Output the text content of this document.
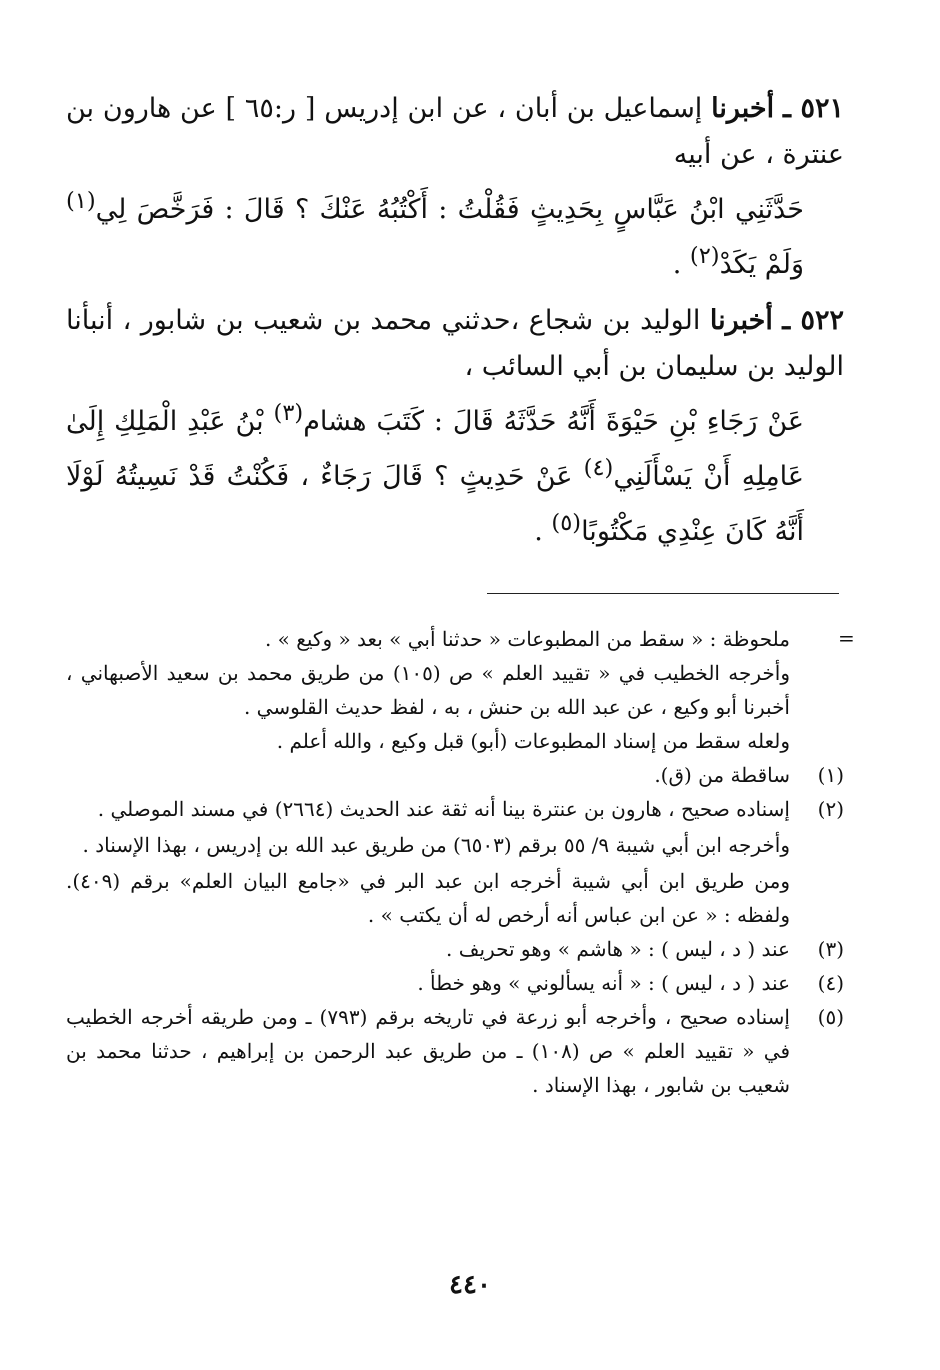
٥٢١ ـ أخبرنا إسماعيل بن أبان ، عن ابن إدريس [ ر:٦٥ ] عن هارون بن عنترة ، عن أبيه

حَدَّثَنِي ابْنُ عَبَّاسٍ بِحَدِيثٍ فَقُلْتُ : أَكْتُبُهُ عَنْكَ ؟ قَالَ : فَرَخَّصَ لِي$^{(١)}$ وَلَمْ يَكَدْ$^{(٢)}$ .

٥٢٢ ـ أخبرنا الوليد بن شجاع ،حدثني محمد بن شعيب بن شابور ، أنبأنا الوليد بن سليمان بن أبي السائب ،

عَنْ رَجَاءِ بْنِ حَيْوَةَ أَنَّهُ حَدَّثَهُ قَالَ : كَتَبَ هشام$^{(٣)}$ بْنُ عَبْدِ الْمَلِكِ إِلَىٰ عَامِلِهِ أَنْ يَسْأَلَنِي$^{(٤)}$ عَنْ حَدِيثٍ ؟ قَالَ رَجَاءٌ ، فَكُنْتُ قَدْ نَسِيتُهُ لَوْلَا أَنَّهُ كَانَ عِنْدِي مَكْتُوبًا$^{(٥)}$ .

=
ملحوظة : « سقط من المطبوعات « حدثنا أبي » بعد « وكيع » .
وأخرجه الخطيب في « تقييد العلم » ص (١٠٥) من طريق محمد بن سعيد الأصبهاني ، أخبرنا أبو وكيع ، عن عبد الله بن حنش ، به ، لفظ حديث القلوسي .
ولعله سقط من إسناد المطبوعات (أبو) قبل وكيع ، والله أعلم .
(١)
ساقطة من (ق).
(٢)
إسناده صحيح ، هارون بن عنترة بينا أنه ثقة عند الحديث (٢٦٦٤) في مسند الموصلي .
وأخرجه ابن أبي شيبة ٩/ ٥٥ برقم (٦٥٠٣) من طريق عبد الله بن إدريس ، بهذا الإسناد .
ومن طريق ابن أبي شيبة أخرجه ابن عبد البر في «جامع البيان العلم» برقم (٤٠٩). ولفظه : « عن ابن عباس أنه أرخص له أن يكتب » .
(٣)
عند ( د ، ليس ) : « هاشم » وهو تحريف .
(٤)
عند ( د ، ليس ) : « أنه يسألوني » وهو خطأ .
(٥)
إسناده صحيح ، وأخرجه أبو زرعة في تاريخه برقم (٧٩٣) ـ ومن طريقه أخرجه الخطيب في « تقييد العلم » ص (١٠٨) ـ من طريق عبد الرحمن بن إبراهيم ، حدثنا محمد بن شعيب بن شابور ، بهذا الإسناد .
٤٤٠
